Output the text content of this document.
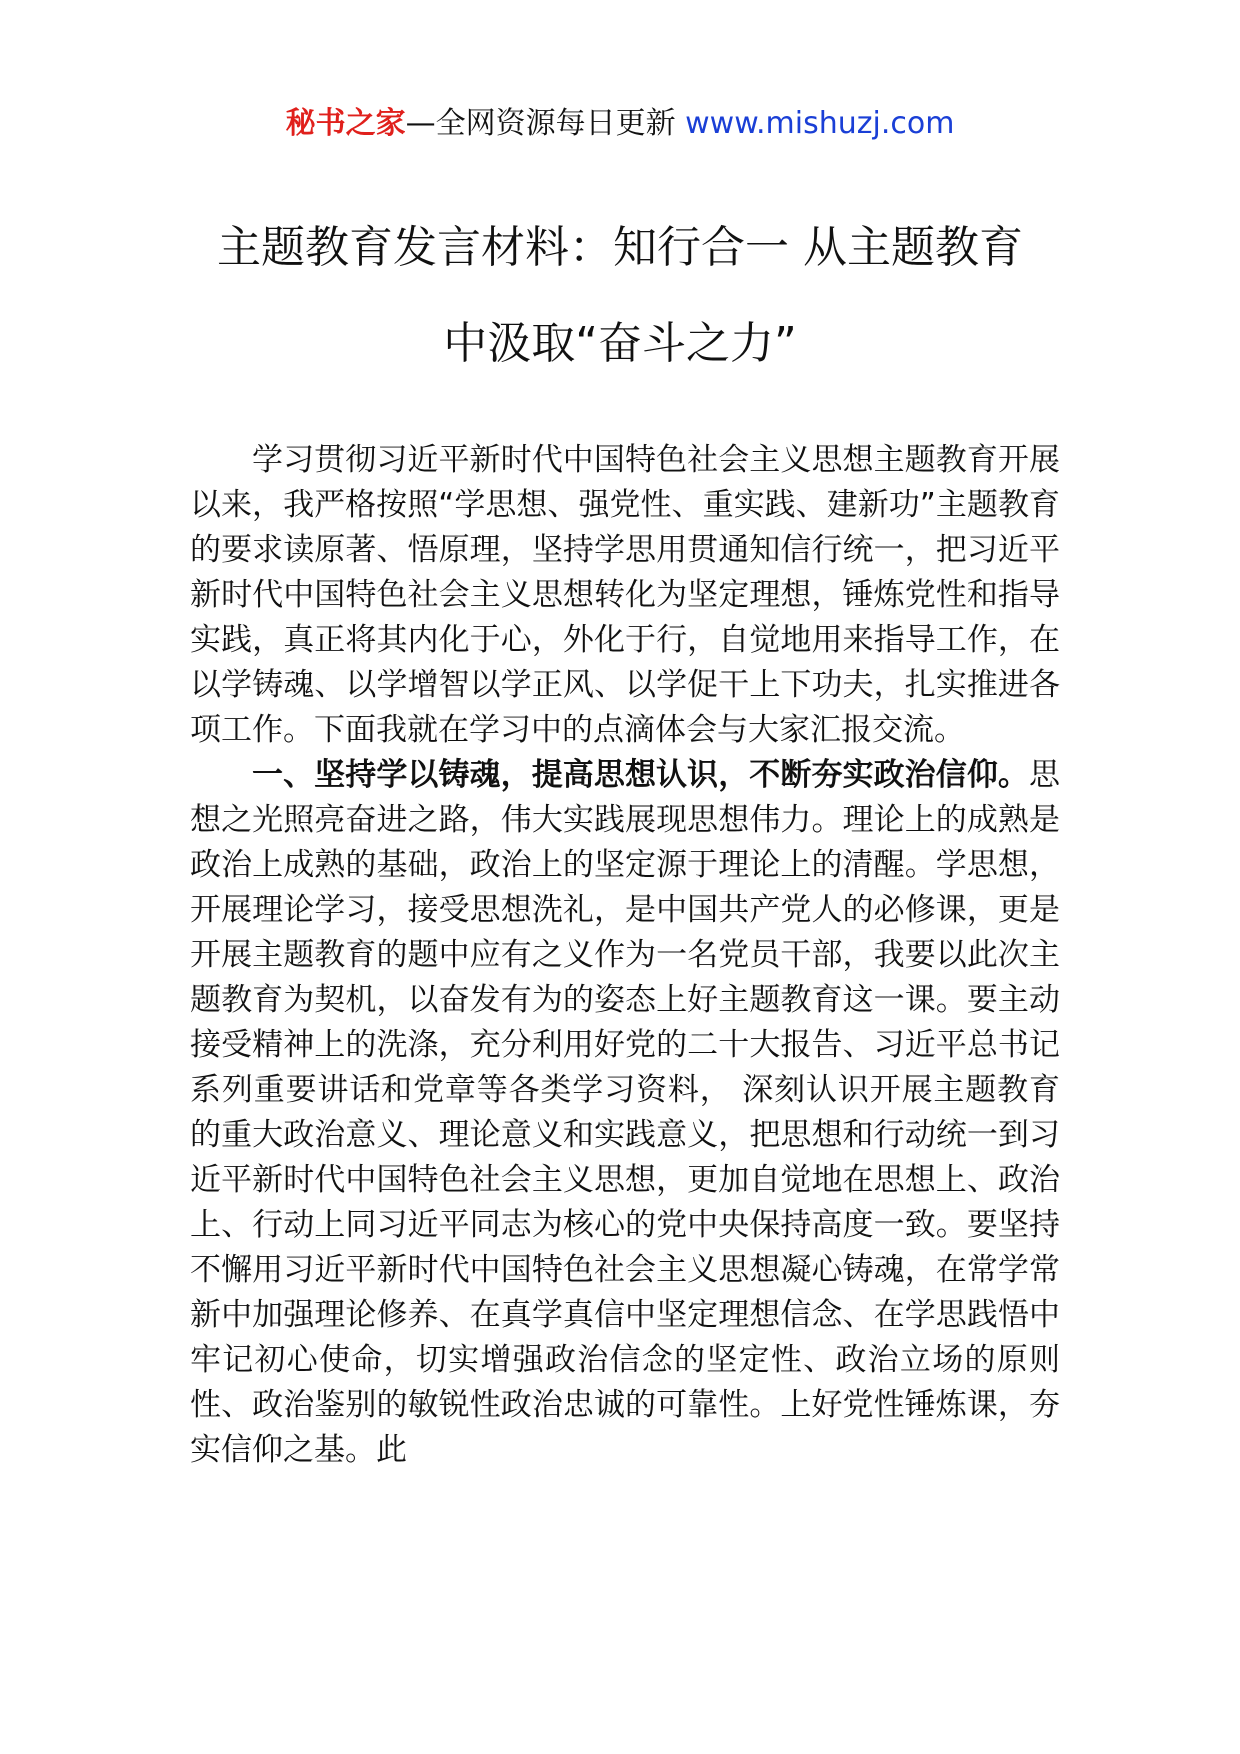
秘书之家—全网资源每日更新 www.mishuzj.com
主题教育发言材料：知行合一 从主题教育
中汲取“奋斗之力”

学习贯彻习近平新时代中国特色社会主义思想主题教育开展以来，我严格按照“学思想、强党性、重实践、建新功”主题教育的要求读原著、悟原理，坚持学思用贯通知信行统一，把习近平新时代中国特色社会主义思想转化为坚定理想，锤炼党性和指导实践，真正将其内化于心，外化于行，自觉地用来指导工作，在以学铸魂、以学增智以学正风、以学促干上下功夫，扎实推进各项工作。下面我就在学习中的点滴体会与大家汇报交流。

一、坚持学以铸魂，提高思想认识，不断夯实政治信仰。思想之光照亮奋进之路，伟大实践展现思想伟力。理论上的成熟是政治上成熟的基础，政治上的坚定源于理论上的清醒。学思想，开展理论学习，接受思想洗礼，是中国共产党人的必修课，更是开展主题教育的题中应有之义作为一名党员干部，我要以此次主题教育为契机，以奋发有为的姿态上好主题教育这一课。要主动接受精神上的洗涤，充分利用好党的二十大报告、习近平总书记系列重要讲话和党章等各类学习资料， 深刻认识开展主题教育的重大政治意义、理论意义和实践意义，把思想和行动统一到习近平新时代中国特色社会主义思想，更加自觉地在思想上、政治上、行动上同习近平同志为核心的党中央保持高度一致。要坚持不懈用习近平新时代中国特色社会主义思想凝心铸魂，在常学常新中加强理论修养、在真学真信中坚定理想信念、在学思践悟中牢记初心使命，切实增强政治信念的坚定性、政治立场的原则性、政治鉴别的敏锐性政治忠诚的可靠性。上好党性锤炼课，夯实信仰之基。此
